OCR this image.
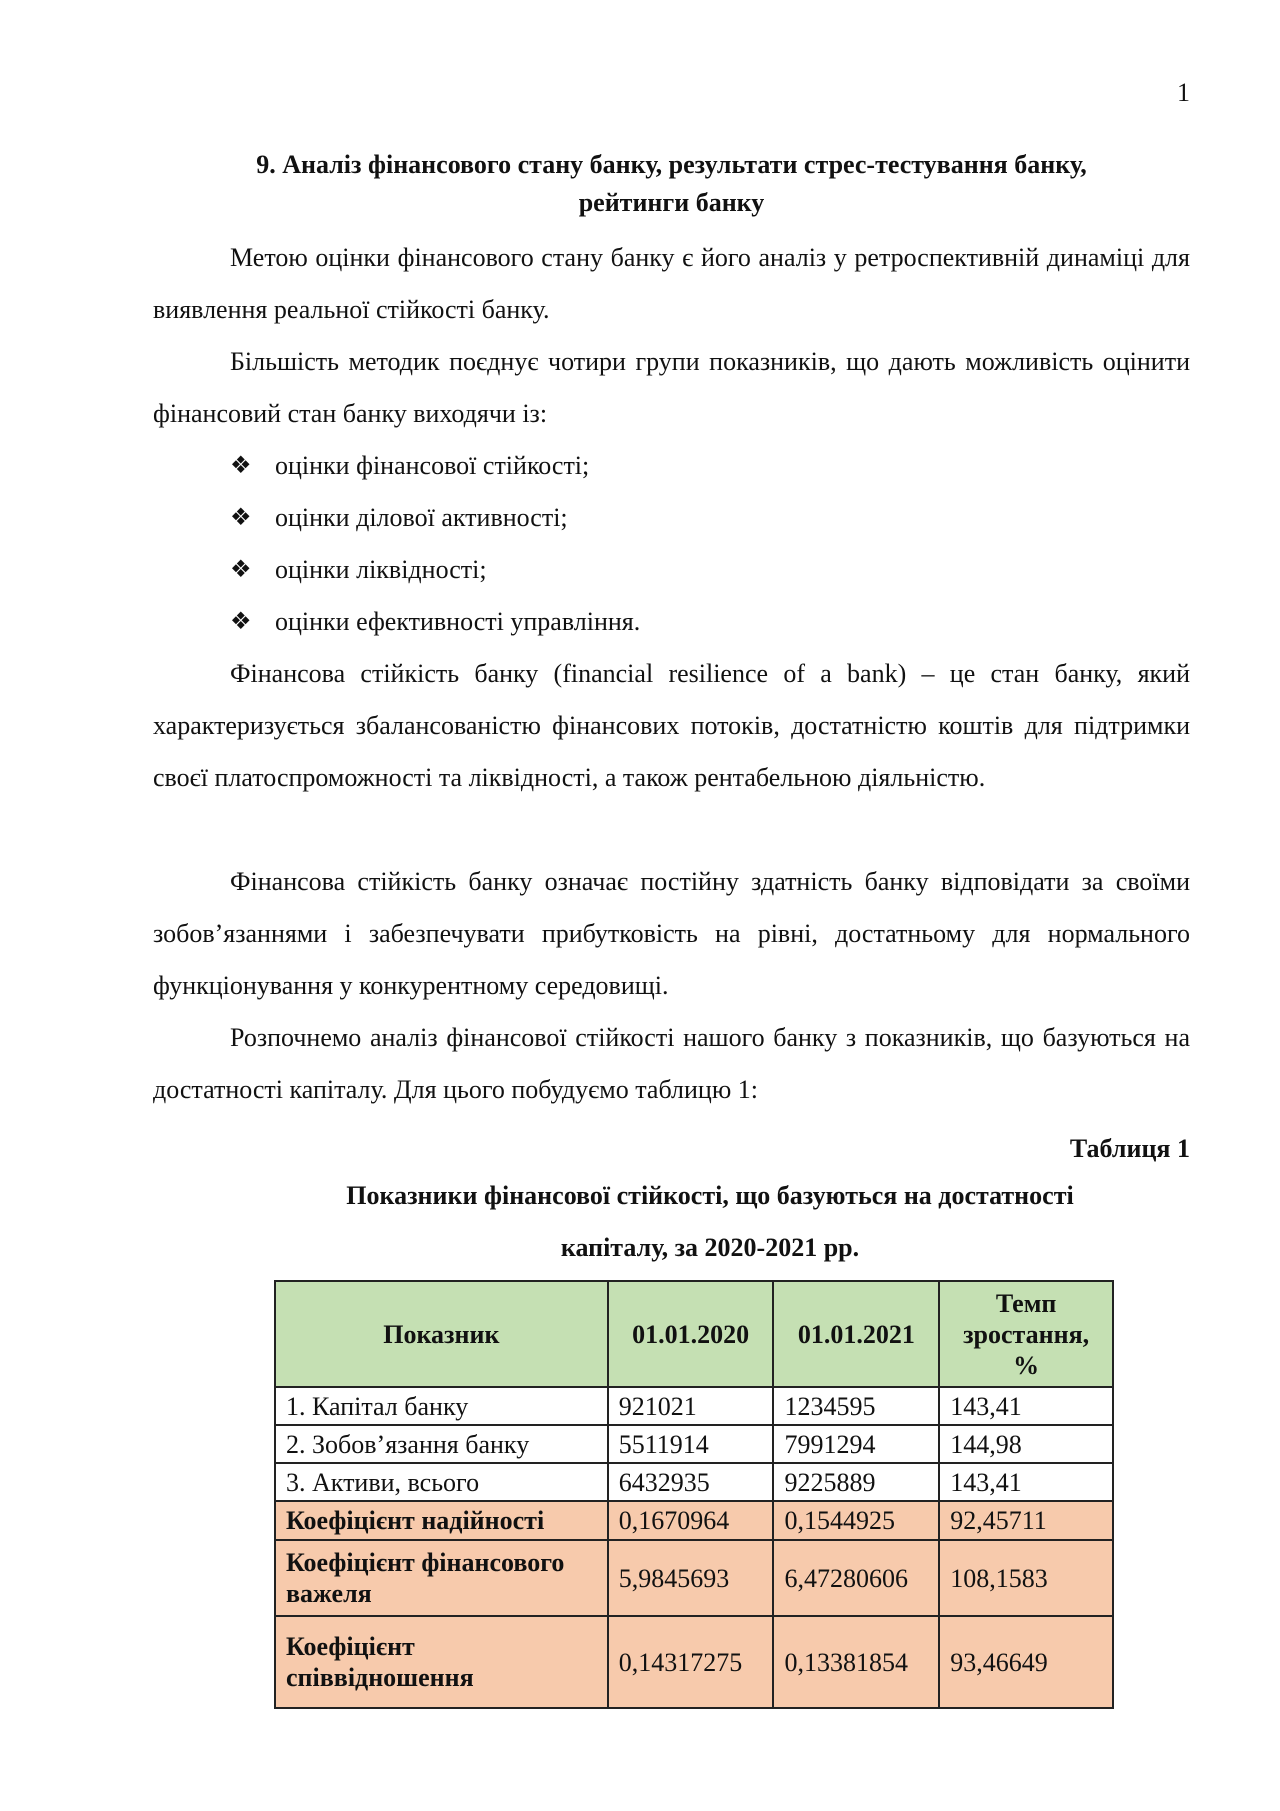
1
9. Аналіз фінансового стану банку, результати стрес-тестування банку,
рейтинги банку

Метою оцінки фінансового стану банку є його аналіз у ретроспективній динаміці для виявлення реальної стійкості банку.

Більшість методик поєднує чотири групи показників, що дають можливість оцінити фінансовий стан банку виходячи із:

❖ оцінки фінансової стійкості;
❖ оцінки ділової активності;
❖ оцінки ліквідності;
❖ оцінки ефективності управління.

Фінансова стійкість банку (financial resilience of a bank) – це стан банку, який характеризується збалансованістю фінансових потоків, достатністю коштів для підтримки своєї платоспроможності та ліквідності, а також рентабельною діяльністю.

Фінансова стійкість банку означає постійну здатність банку відповідати за своїми зобов’язаннями і забезпечувати прибутковість на рівні, достатньому для нормального функціонування у конкурентному середовищі.

Розпочнемо аналіз фінансової стійкості нашого банку з показників, що базуються на достатності капіталу. Для цього побудуємо таблицю 1:

Таблиця 1
Показники фінансової стійкості, що базуються на достатності
капіталу, за 2020-2021 рр.
Показник	01.01.2020	01.01.2021	Темп зростання, %
1. Капітал банку	921021	1234595	143,41
2. Зобов’язання банку	5511914	7991294	144,98
3. Активи, всього	6432935	9225889	143,41
Коефіцієнт надійності	0,1670964	0,1544925	92,45711
Коефіцієнт фінансового важеля	5,9845693	6,47280606	108,1583
Коефіцієнт співвідношення	0,14317275	0,13381854	93,46649
